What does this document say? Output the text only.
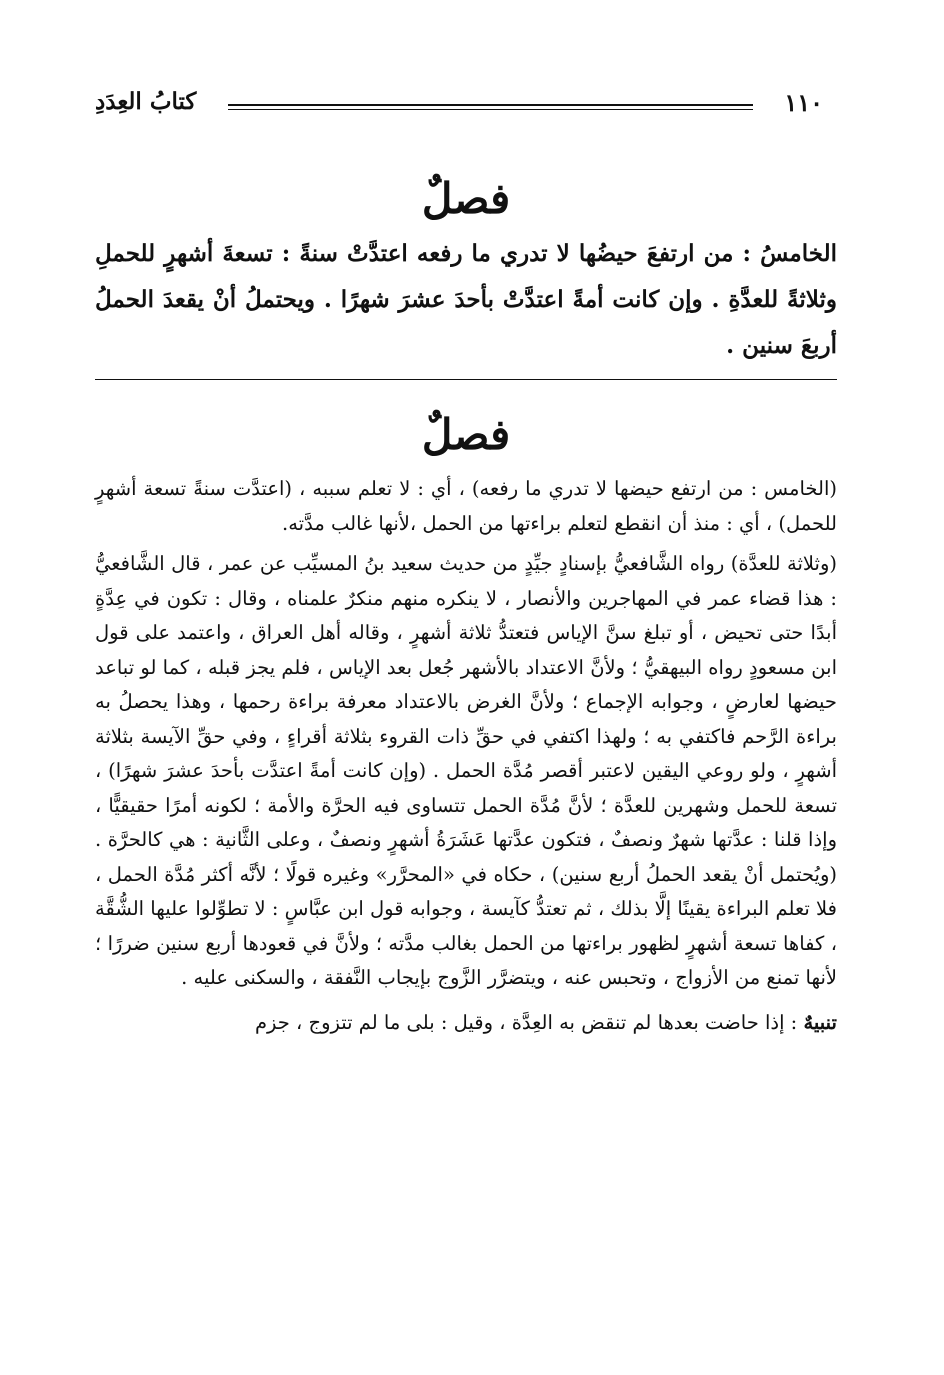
١١٠
كتابُ العِدَدِ
فصلٌ

الخامسُ : من ارتفعَ حيضُها لا تدري ما رفعه اعتدَّتْ سنةً : تسعةَ أشهرٍ للحملِ وثلاثةً للعدَّةِ . وإن كانت أمةً اعتدَّتْ بأحدَ عشرَ شهرًا . ويحتملُ أنْ يقعدَ الحملُ أربعَ سنين .

فصلٌ

(الخامس : من ارتفع حيضها لا تدري ما رفعه) ، أي : لا تعلم سببه ، (اعتدَّت سنةً تسعة أشهرٍ للحمل) ، أي : منذ أن انقطع لتعلم براءتها من الحمل ،لأنها غالب مدَّته.

(وثلاثة للعدَّة) رواه الشَّافعيُّ بإسنادٍ جيِّدٍ من حديث سعيد بنُ المسيِّب عن عمر ، قال الشَّافعيُّ : هذا قضاء عمر في المهاجرين والأنصار ، لا ينكره منهم منكرٌ علمناه ، وقال : تكون في عِدَّةٍ أبدًا حتى تحيض ، أو تبلغ سنَّ الإياس فتعتدُّ ثلاثة أشهرٍ ، وقاله أهل العراق ، واعتمد على قول ابن مسعودٍ رواه البيهقيُّ ؛ ولأنَّ الاعتداد بالأشهر جُعل بعد الإياس ، فلم يجز قبله ، كما لو تباعد حيضها لعارضٍ ، وجوابه الإجماع ؛ ولأنَّ الغرض بالاعتداد معرفة براءة رحمها ، وهذا يحصلُ به براءة الرَّحم فاكتفي به ؛ ولهذا اكتفي في حقِّ ذات القروء بثلاثة أقراءٍ ، وفي حقِّ الآيسة بثلاثة أشهرٍ ، ولو روعي اليقين لاعتبر أقصر مُدَّة الحمل . (وإن كانت أمةً اعتدَّت بأحدَ عشرَ شهرًا) ، تسعة للحمل وشهرين للعدَّة ؛ لأنَّ مُدَّة الحمل تتساوى فيه الحرَّة والأمة ؛ لكونه أمرًا حقيقيًّا ، وإذا قلنا : عدَّتها شهرٌ ونصفٌ ، فتكون عدَّتها عَشَرَةُ أشهرٍ ونصفٌ ، وعلى الثَّانية : هي كالحرَّة . (ويُحتمل أنْ يقعد الحملُ أربع سنين) ، حكاه في «المحرَّر» وغيره قولًا ؛ لأنَّه أكثر مُدَّة الحمل ، فلا تعلم البراءة يقينًا إلَّا بذلك ، ثم تعتدُّ كآيسة ، وجوابه قول ابن عبَّاسٍ : لا تطوِّلوا عليها الشُّقَّة ، كفاها تسعة أشهرٍ لظهور براءتها من الحمل بغالب مدَّته ؛ ولأنَّ في قعودها أربع سنين ضررًا ؛لأنها تمنع من الأزواج ، وتحبس عنه ، ويتضرَّر الزَّوج بإيجاب النَّفقة ، والسكنى عليه .

تنبيهٌ : إذا حاضت بعدها لم تنقض به العِدَّة ، وقيل : بلى ما لم تتزوج ، جزم
